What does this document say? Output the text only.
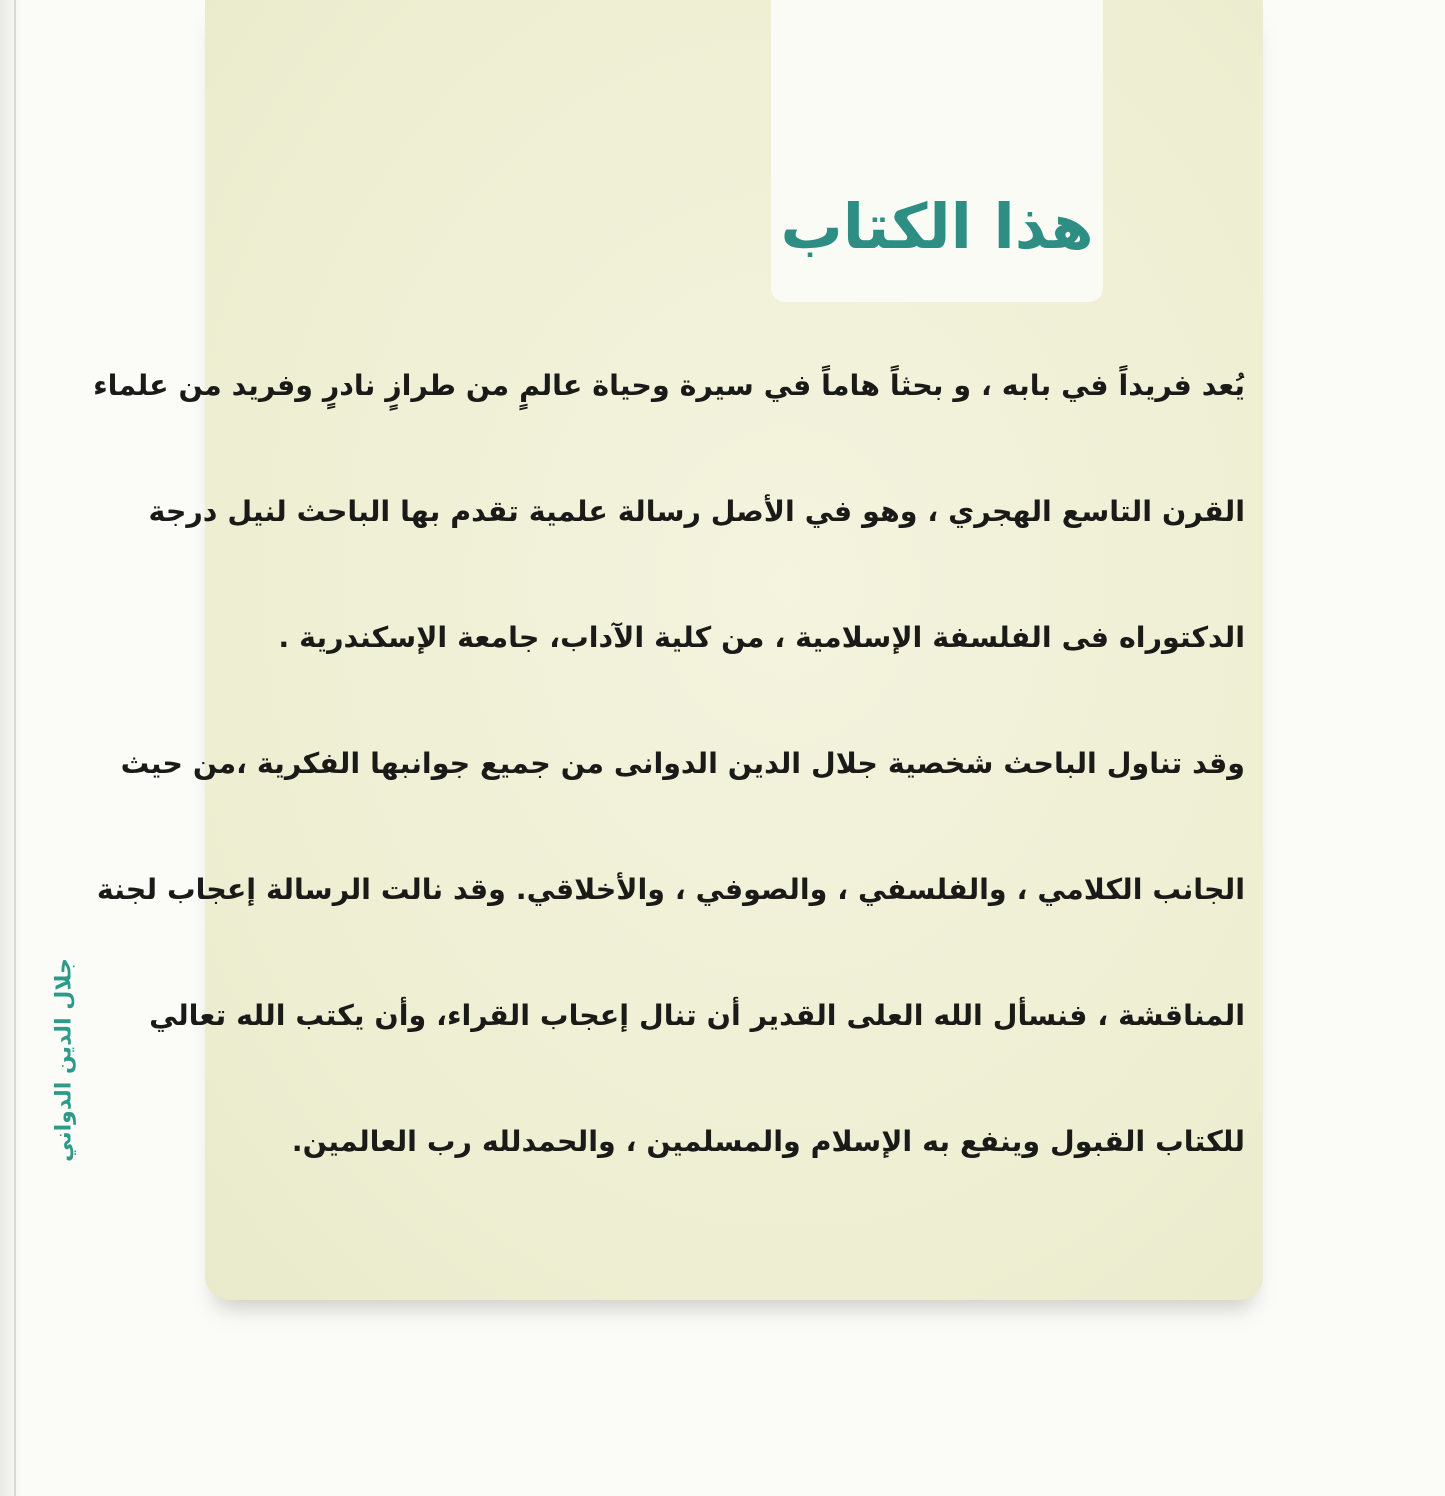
جلال الدين الدواني
هذا الكتاب
يُعد فريداً في بابه ، و بحثاً هاماً في سيرة وحياة عالمٍ من طرازٍ نادرٍ وفريد من علماء
القرن التاسع الهجري ، وهو في الأصل رسالة علمية تقدم بها الباحث لنيل درجة
الدكتوراه فى الفلسفة الإسلامية ، من كلية الآداب، جامعة الإسكندرية .
وقد تناول الباحث شخصية جلال الدين الدوانى من جميع جوانبها الفكرية ،من حيث
الجانب الكلامي ، والفلسفي ، والصوفي ، والأخلاقي. وقد نالت الرسالة إعجاب لجنة
المناقشة ، فنسأل الله العلى القدير أن تنال إعجاب القراء، وأن يكتب الله تعالي
للكتاب القبول وينفع به الإسلام والمسلمين ، والحمدلله رب العالمين.
